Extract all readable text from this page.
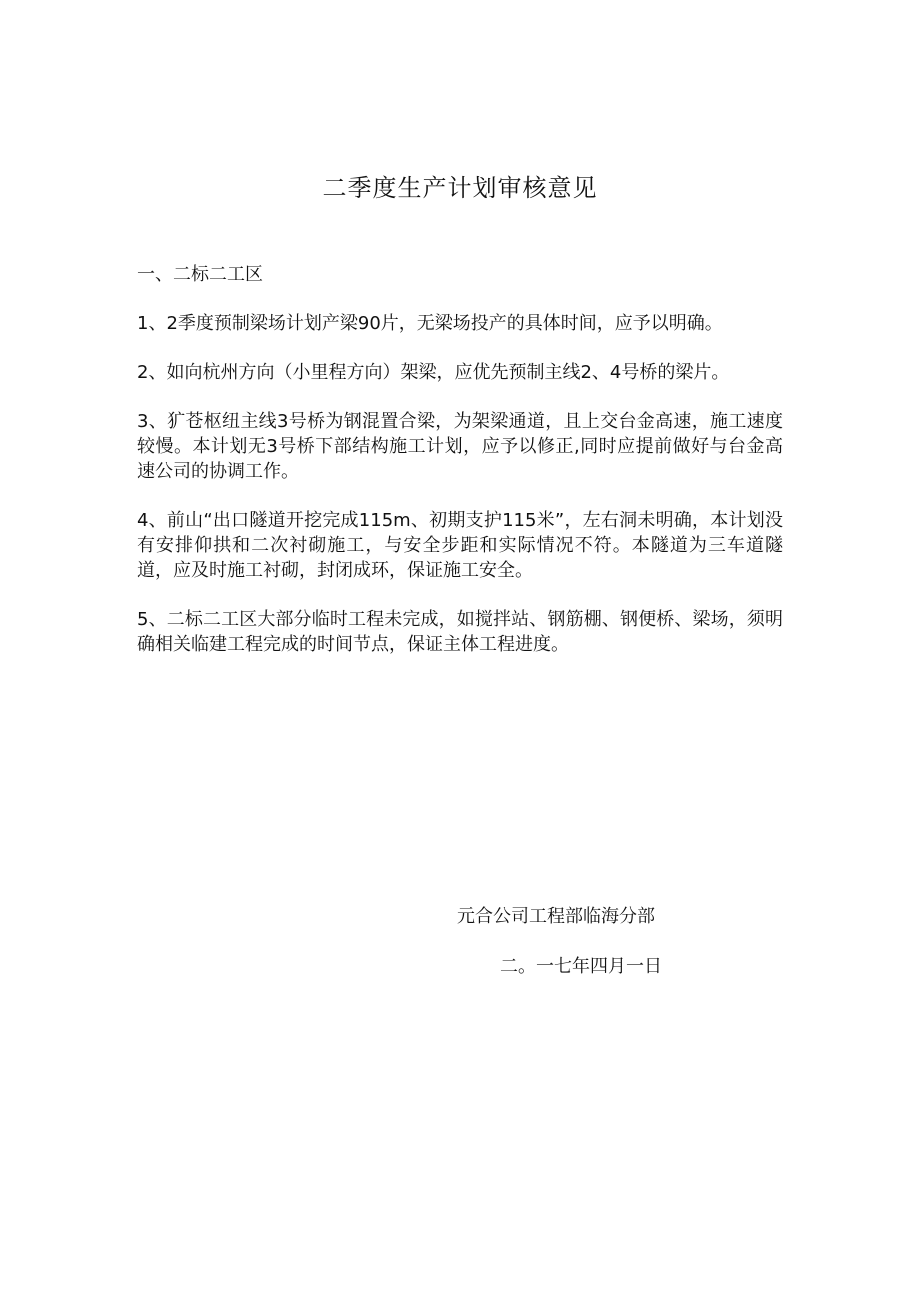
二季度生产计划审核意见

一、二标二工区

1、2季度预制梁场计划产梁90片，无梁场投产的具体时间，应予以明确。

2、如向杭州方向（小里程方向）架梁，应优先预制主线2、4号桥的梁片。

3、犷苍枢纽主线3号桥为钢混置合梁，为架梁通道，且上交台金高速，施工速度较慢。本计划无3号桥下部结构施工计划，应予以修正,同时应提前做好与台金高速公司的协调工作。

4、前山“出口隧道开挖完成115m、初期支护115米”，左右洞未明确，本计划没有安排仰拱和二次衬砌施工，与安全步距和实际情况不符。本隧道为三车道隧道，应及时施工衬砌，封闭成环，保证施工安全。

5、二标二工区大部分临时工程未完成，如搅拌站、钢筋棚、钢便桥、梁场，须明确相关临建工程完成的时间节点，保证主体工程进度。

元合公司工程部临海分部

二。一七年四月一日
